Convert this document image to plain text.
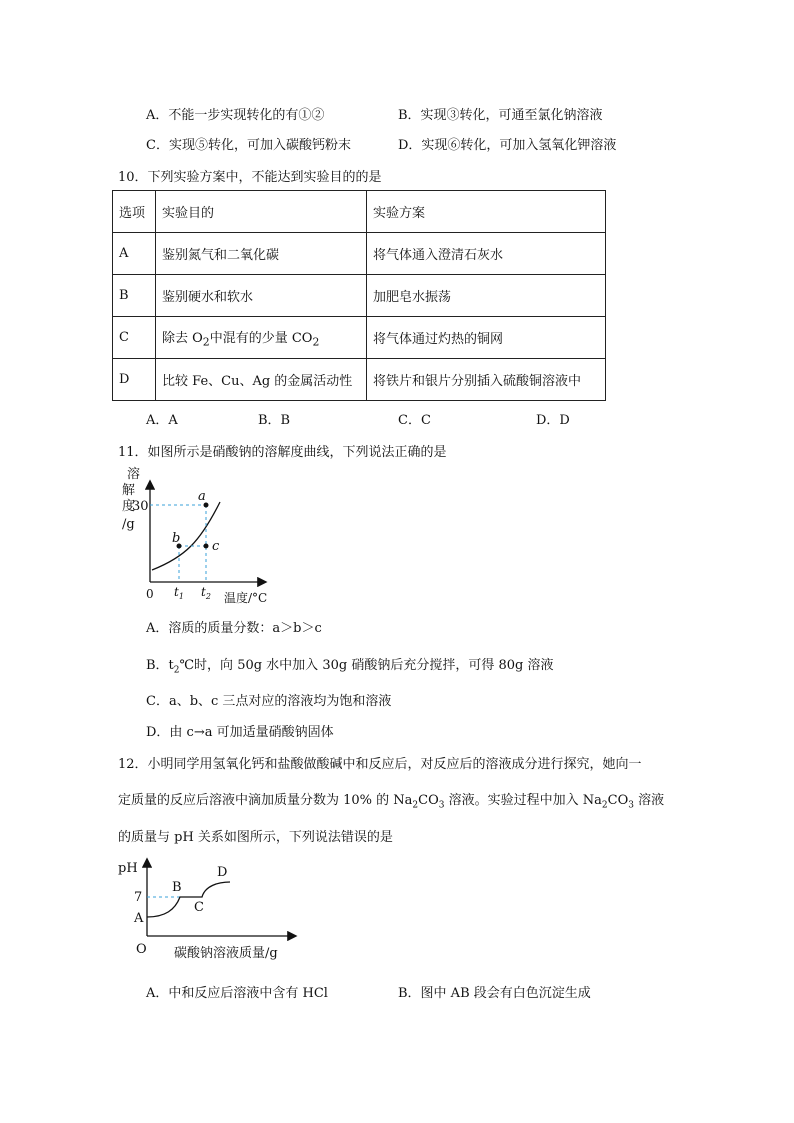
A．不能一步实现转化的有①②	B．实现③转化，可通至氯化钠溶液
C．实现⑤转化，可加入碳酸钙粉末	D．实现⑥转化，可加入氢氧化钾溶液
10．下列实验方案中，不能达到实验目的的是
选项	实验目的	实验方案
A	鉴别氮气和二氧化碳	将气体通入澄清石灰水
B	鉴别硬水和软水	加肥皂水振荡
C	除去 $O_2$中混有的少量 $CO_2$	将气体通过灼热的铜网
D	比较 Fe、Cu、Ag 的金属活动性	将铁片和银片分别插入硫酸铜溶液中
A．A	B．B	C．C	D．D
11．如图所示是硝酸钠的溶解度曲线，下列说法正确的是
溶
解
度
30
/g
0	温度/°C
$t_1$ $t_2$
a
b
c
A．溶质的质量分数：a＞b＞c
B．$t_2℃$时，向 50g 水中加入 30g 硝酸钠后充分搅拌，可得 80g 溶液
C．a、b、c 三点对应的溶液均为饱和溶液
D．由 c→a 可加适量硝酸钠固体
12．小明同学用氢氧化钙和盐酸做酸碱中和反应后，对反应后的溶液成分进行探究，她向一
定质量的反应后溶液中滴加质量分数为 10% 的 $Na_2CO_3$ 溶液。实验过程中加入 $Na_2CO_3$ 溶液
的质量与 pH 关系如图所示，下列说法错误的是
pH
7
A
B
C
D
O 碳酸钠溶液质量/g
A．中和反应后溶液中含有 HCl	B．图中 AB 段会有白色沉淀生成
